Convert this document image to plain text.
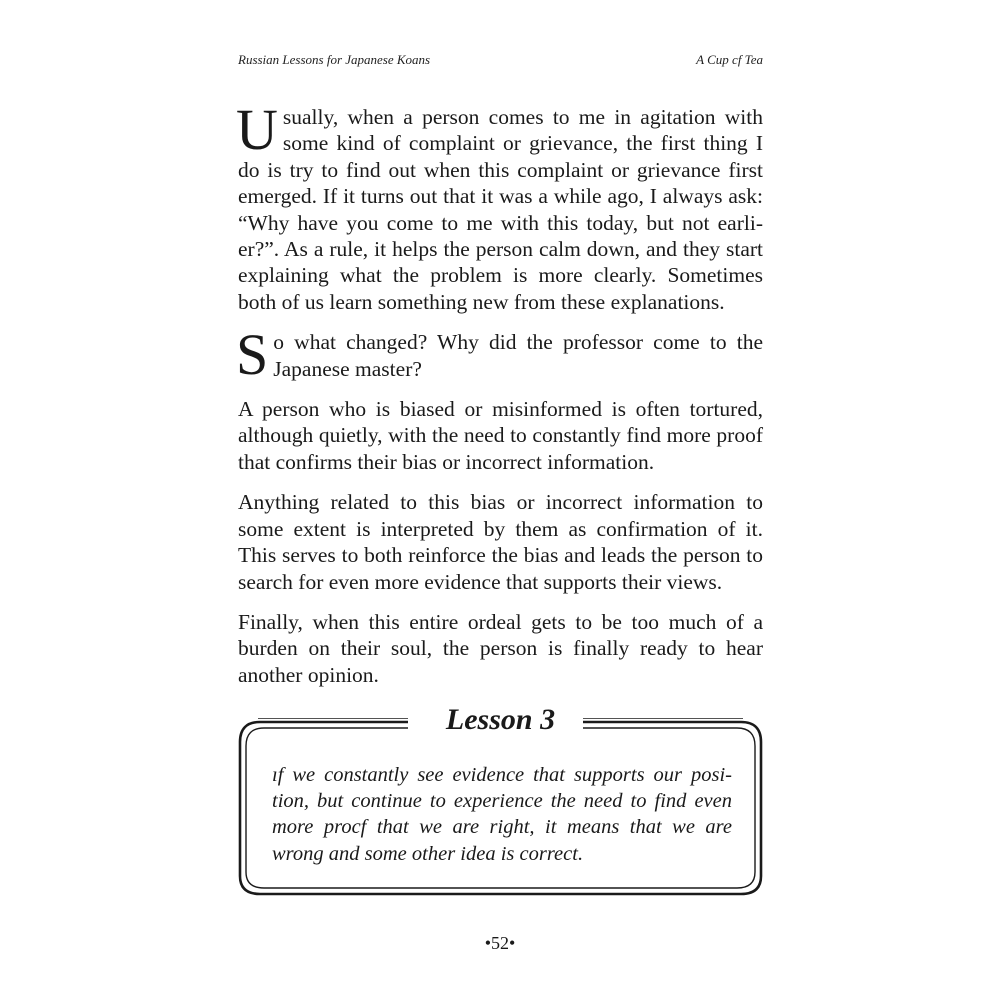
Russian Lessons for Japanese Koans	A Cup cf Tea

U sually, when a person comes to me in agitation with some kind of complaint or grievance, the first thing I do is try to find out when this complaint or grievance first emerged. If it turns out that it was a while ago, I always ask: “Why have you come to me with this today, but not earli- er?”. As a rule, it helps the person calm down, and they start explaining what the problem is more clearly. Sometimes both of us learn something new from these explanations.

S o what changed? Why did the professor come to the Japanese master?

A person who is biased or misinformed is often tortured, although quietly, with the need to constantly find more proof that confirms their bias or incorrect information.

Anything related to this bias or incorrect information to some extent is interpreted by them as confirmation of it. This serves to both reinforce the bias and leads the person to search for even more evidence that supports their views.

Finally, when this entire ordeal gets to be too much of a burden on their soul, the person is finally ready to hear another opinion.

Lesson 3

ıf we constantly see evidence that supports our posi- tion, but continue to experience the need to find even more procf that we are right, it means that we are wrong and some other idea is correct.

•52•
